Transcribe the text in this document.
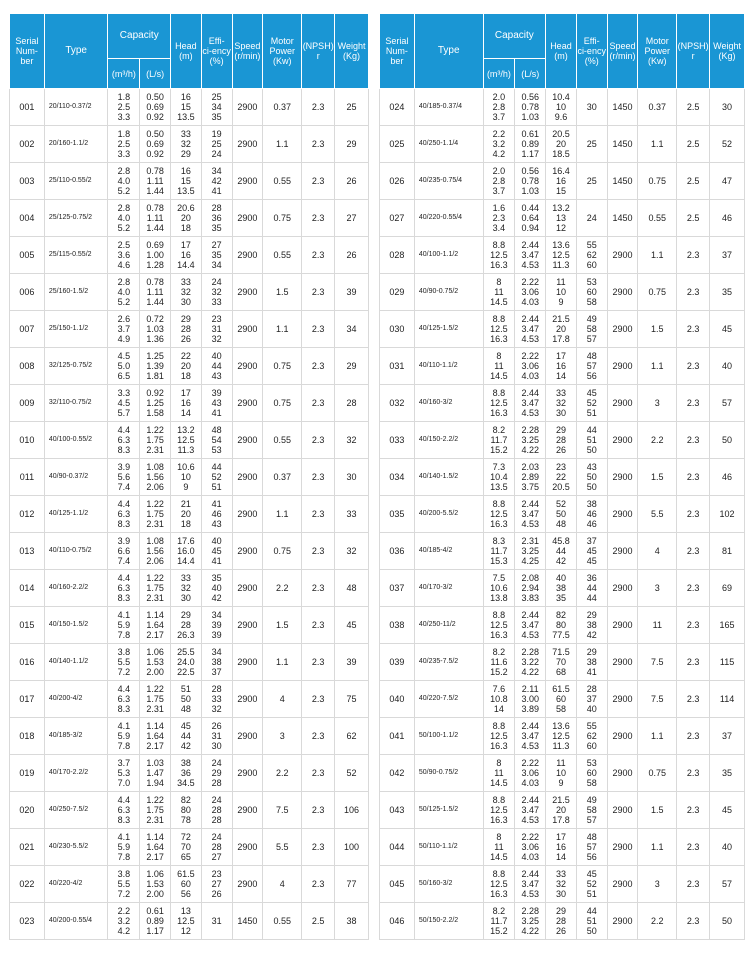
Serial
Num-
ber	Type	Capacity		Head
(m)	Effi-
ci-ency
(%)	Speed
(r/min)	Motor
Power
(Kw)	(NPSH)
r	Weight
(Kg)

		(m³/h)	(L/s)						
001	20/110-0.37/2	1.8
2.5
3.3	0.50
0.69
0.92	16
15
13.5	25
34
35	2900	0.37	2.3	25
002	20/160-1.1/2	1.8
2.5
3.3	0.50
0.69
0.92	33
32
29	19
25
24	2900	1.1	2.3	29
003	25/110-0.55/2	2.8
4.0
5.2	0.78
1.11
1.44	16
15
13.5	34
42
41	2900	0.55	2.3	26
004	25/125-0.75/2	2.8
4.0
5.2	0.78
1.11
1.44	20.6
20
18	28
36
35	2900	0.75	2.3	27
005	25/115-0.55/2	2.5
3.6
4.6	0.69
1.00
1.28	17
16
14.4	27
35
34	2900	0.55	2.3	26
006	25/160-1.5/2	2.8
4.0
5.2	0.78
1.11
1.44	33
32
30	24
32
33	2900	1.5	2.3	39
007	25/150-1.1/2	2.6
3.7
4.9	0.72
1.03
1.36	29
28
26	23
31
32	2900	1.1	2.3	34
008	32/125-0.75/2	4.5
5.0
6.5	1.25
1.39
1.81	22
20
18	40
44
43	2900	0.75	2.3	29
009	32/110-0.75/2	3.3
4.5
5.7	0.92
1.25
1.58	17
16
14	39
43
41	2900	0.75	2.3	28
010	40/100-0.55/2	4.4
6.3
8.3	1.22
1.75
2.31	13.2
12.5
11.3	48
54
53	2900	0.55	2.3	32
011	40/90-0.37/2	3.9
5.6
7.4	1.08
1.56
2.06	10.6
10
9	44
52
51	2900	0.37	2.3	30
012	40/125-1.1/2	4.4
6.3
8.3	1.22
1.75
2.31	21
20
18	41
46
43	2900	1.1	2.3	33
013	40/110-0.75/2	3.9
6.6
7.4	1.08
1.56
2.06	17.6
16.0
14.4	40
45
41	2900	0.75	2.3	32
014	40/160-2.2/2	4.4
6.3
8.3	1.22
1.75
2.31	33
32
30	35
40
42	2900	2.2	2.3	48
015	40/150-1.5/2	4.1
5.9
7.8	1.14
1.64
2.17	29
28
26.3	34
39
39	2900	1.5	2.3	45
016	40/140-1.1/2	3.8
5.5
7.2	1.06
1.53
2.00	25.5
24.0
22.5	34
38
37	2900	1.1	2.3	39
017	40/200-4/2	4.4
6.3
8.3	1.22
1.75
2.31	51
50
48	28
33
32	2900	4	2.3	75
018	40/185-3/2	4.1
5.9
7.8	1.14
1.64
2.17	45
44
42	26
31
30	2900	3	2.3	62
019	40/170-2.2/2	3.7
5.3
7.0	1.03
1.47
1.94	38
36
34.5	24
29
28	2900	2.2	2.3	52
020	40/250-7.5/2	4.4
6.3
8.3	1.22
1.75
2.31	82
80
78	24
28
28	2900	7.5	2.3	106
021	40/230-5.5/2	4.1
5.9
7.8	1.14
1.64
2.17	72
70
65	24
28
27	2900	5.5	2.3	100
022	40/220-4/2	3.8
5.5
7.2	1.06
1.53
2.00	61.5
60
56	23
27
26	2900	4	2.3	77
023	40/200-0.55/4	2.2
3.2
4.2	0.61
0.89
1.17	13
12.5
12	31	1450	0.55	2.5	38
Serial
Num-
ber	Type	Capacity		Head
(m)	Effi-
ci-ency
(%)	Speed
(r/min)	Motor
Power
(Kw)	(NPSH)
r	Weight
(Kg)

		(m³/h)	(L/s)						
024	40/185-0.37/4	2.0
2.8
3.7	0.56
0.78
1.03	10.4
10
9.6	30	1450	0.37	2.5	30
025	40/250-1.1/4	2.2
3.2
4.2	0.61
0.89
1.17	20.5
20
18.5	25	1450	1.1	2.5	52
026	40/235-0.75/4	2.0
2.8
3.7	0.56
0.78
1.03	16.4
16
15	25	1450	0.75	2.5	47
027	40/220-0.55/4	1.6
2.3
3.4	0.44
0.64
0.94	13.2
13
12	24	1450	0.55	2.5	46
028	40/100-1.1/2	8.8
12.5
16.3	2.44
3.47
4.53	13.6
12.5
11.3	55
62
60	2900	1.1	2.3	37
029	40/90-0.75/2	8
11
14.5	2.22
3.06
4.03	11
10
9	53
60
58	2900	0.75	2.3	35
030	40/125-1.5/2	8.8
12.5
16.3	2.44
3.47
4.53	21.5
20
17.8	49
58
57	2900	1.5	2.3	45
031	40/110-1.1/2	8
11
14.5	2.22
3.06
4.03	17
16
14	48
57
56	2900	1.1	2.3	40
032	40/160-3/2	8.8
12.5
16.3	2.44
3.47
4.53	33
32
30	45
52
51	2900	3	2.3	57
033	40/150-2.2/2	8.2
11.7
15.2	2.28
3.25
4.22	29
28
26	44
51
50	2900	2.2	2.3	50
034	40/140-1.5/2	7.3
10.4
13.5	2.03
2.89
3.75	23
22
20.5	43
50
50	2900	1.5	2.3	46
035	40/200-5.5/2	8.8
12.5
16.3	2.44
3.47
4.53	52
50
48	38
46
46	2900	5.5	2.3	102
036	40/185-4/2	8.3
11.7
15.3	2.31
3.25
4.25	45.8
44
42	37
45
45	2900	4	2.3	81
037	40/170-3/2	7.5
10.6
13.8	2.08
2.94
3.83	40
38
35	36
44
44	2900	3	2.3	69
038	40/250-11/2	8.8
12.5
16.3	2.44
3.47
4.53	82
80
77.5	29
38
42	2900	11	2.3	165
039	40/235-7.5/2	8.2
11.6
15.2	2.28
3.22
4.22	71.5
70
68	29
38
41	2900	7.5	2.3	115
040	40/220-7.5/2	7.6
10.8
14	2.11
3.00
3.89	61.5
60
58	28
37
40	2900	7.5	2.3	114
041	50/100-1.1/2	8.8
12.5
16.3	2.44
3.47
4.53	13.6
12.5
11.3	55
62
60	2900	1.1	2.3	37
042	50/90-0.75/2	8
11
14.5	2.22
3.06
4.03	11
10
9	53
60
58	2900	0.75	2.3	35
043	50/125-1.5/2	8.8
12.5
16.3	2.44
3.47
4.53	21.5
20
17.8	49
58
57	2900	1.5	2.3	45
044	50/110-1.1/2	8
11
14.5	2.22
3.06
4.03	17
16
14	48
57
56	2900	1.1	2.3	40
045	50/160-3/2	8.8
12.5
16.3	2.44
3.47
4.53	33
32
30	45
52
51	2900	3	2.3	57
046	50/150-2.2/2	8.2
11.7
15.2	2.28
3.25
4.22	29
28
26	44
51
50	2900	2.2	2.3	50
